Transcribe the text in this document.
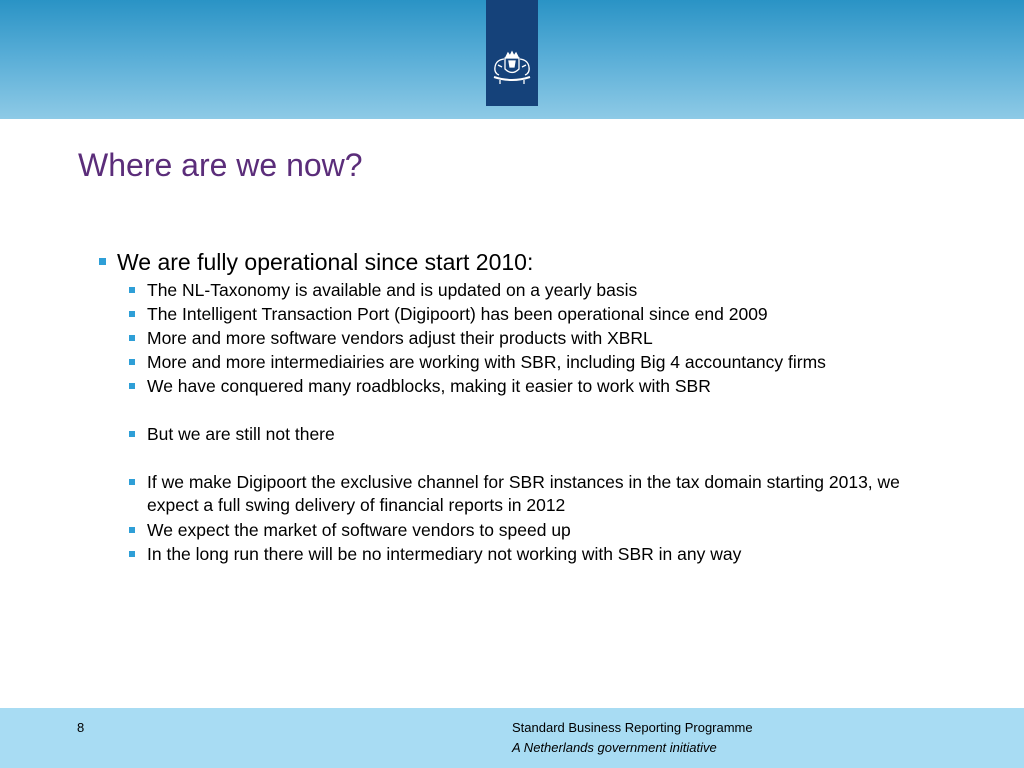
Where are we now?
We are fully operational since start 2010:
The NL-Taxonomy is available and is updated on a yearly basis
The Intelligent Transaction Port (Digipoort) has been operational since end 2009
More and more software vendors adjust their products with XBRL
More and more intermediairies are working with SBR, including Big 4 accountancy firms
We have conquered many roadblocks, making it easier to work with SBR
But we are still not there
If we make Digipoort the exclusive channel for SBR instances in the tax domain starting 2013, we expect a full swing delivery of financial reports in 2012
We expect the market of software vendors to speed up
In the long run there will be no intermediary not working with SBR in any way
8	Standard Business Reporting Programme
A Netherlands government initiative
